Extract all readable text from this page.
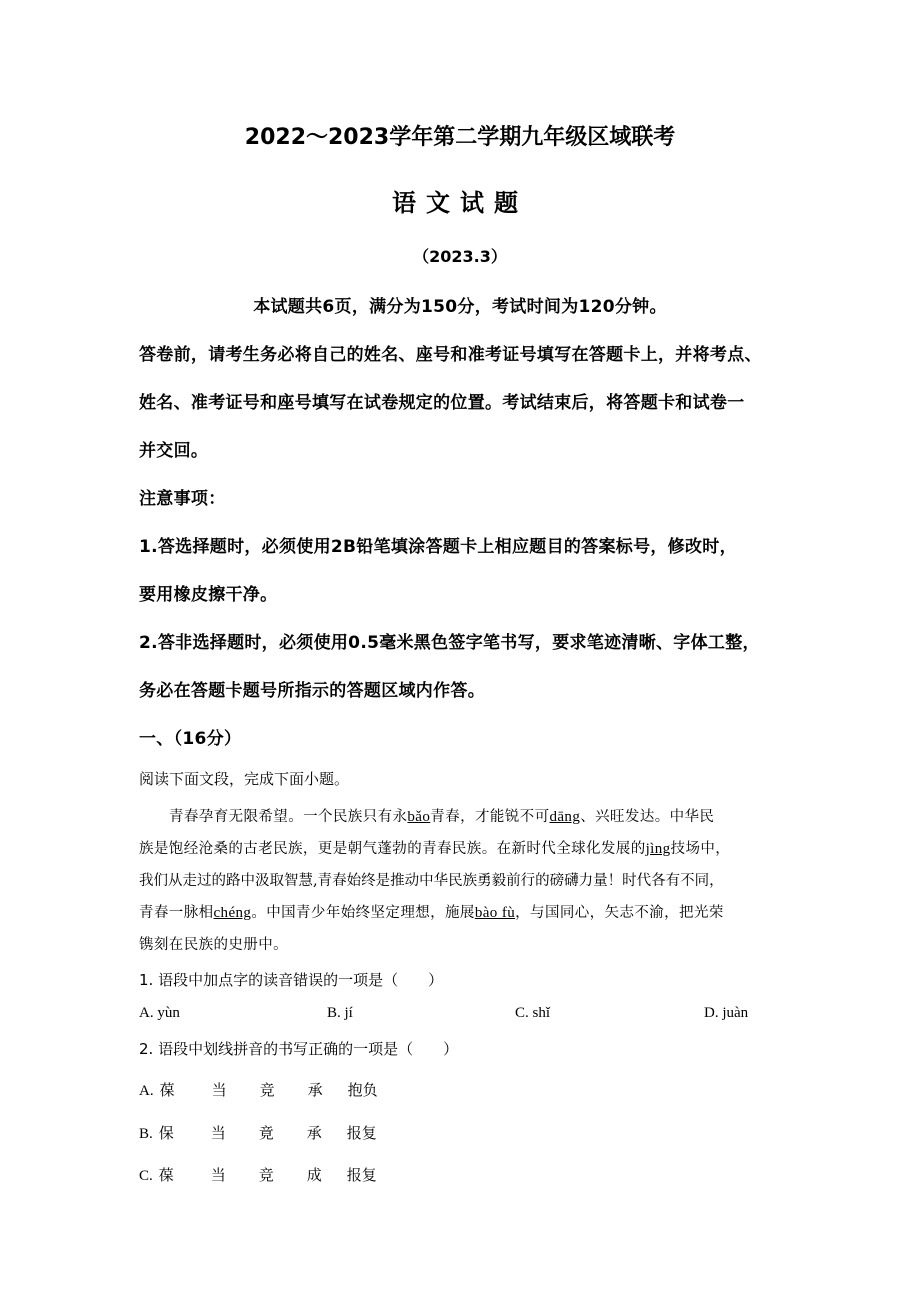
2022～2023学年第二学期九年级区域联考
语文试题
（2023.3）
本试题共6页，满分为150分，考试时间为120分钟。
答卷前，请考生务必将自己的姓名、座号和准考证号填写在答题卡上，并将考点、
姓名、准考证号和座号填写在试卷规定的位置。考试结束后，将答题卡和试卷一
并交回。
注意事项：
1.答选择题时，必须使用2B铅笔填涂答题卡上相应题目的答案标号，修改时，
要用橡皮擦干净。
2.答非选择题时，必须使用0.5毫米黑色签字笔书写，要求笔迹清晰、字体工整，
务必在答题卡题号所指示的答题区域内作答。
一、（16分）
阅读下面文段，完成下面小题。
青春孕育无限希望。一个民族只有永bǎo青春，才能锐不可dāng、兴旺发达。中华民
族是饱经沧桑的古老民族，更是朝气蓬勃的青春民族。在新时代全球化发展的jìng技场中，
我们从走过的路中汲取智慧,青春始终是推动中华民族勇毅前行的磅礴力量！时代各有不同，
青春一脉相chéng。中国青少年始终坚定理想，施展bào fù，与国同心，矢志不渝，把光荣
镌刻在民族的史册中。
1. 语段中加点字的读音错误的一项是（　　）
A. yùn	B. jí	C. shǐ	D. juàn
2. 语段中划线拼音的书写正确的一项是（　　）
A. 葆 当 竞 承 抱负
B. 保 当 竟 承 报复
C. 葆 当 竞 成 报复
